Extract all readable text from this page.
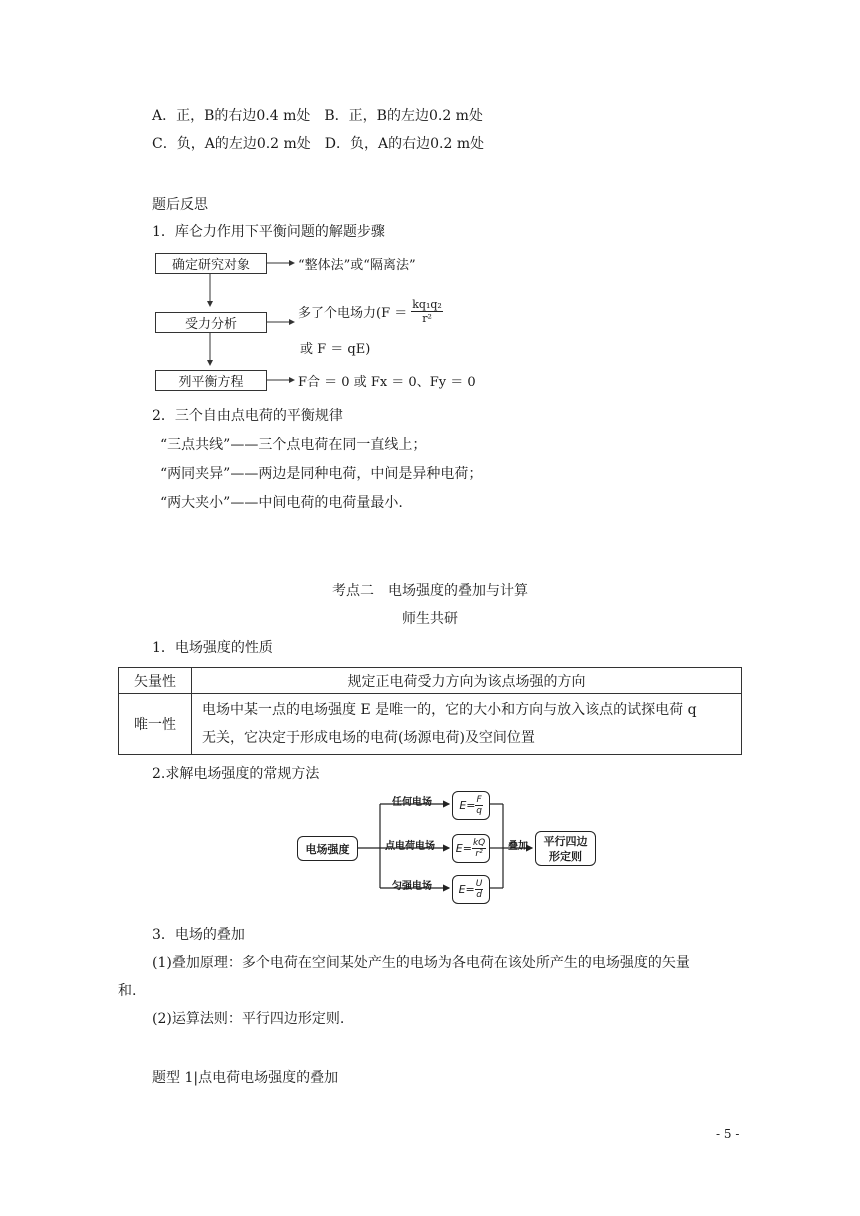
A．正，B的右边0.4 m处　B．正，B的左边0.2 m处
C．负，A的左边0.2 m处　D．负，A的右边0.2 m处
题后反思
1．库仑力作用下平衡问题的解题步骤
确定研究对象	“整体法”或“隔离法”
受力分析
多了个电场力($F = \frac{\text{kq₁q₂}}{\text{r²}}$
或 F ＝ qE)
列平衡方程	F合 ＝ 0 或 Fx ＝ 0、Fy ＝ 0
2．三个自由点电荷的平衡规律
“三点共线”——三个点电荷在同一直线上；
“两同夹异”——两边是同种电荷，中间是异种电荷；
“两大夹小”——中间电荷的电荷量最小.
考点二　电场强度的叠加与计算
师生共研
1．电场强度的性质
矢量性	规定正电荷受力方向为该点场强的方向
唯一性	电场中某一点的电场强度 E 是唯一的，它的大小和方向与放入该点的试探电荷 q
无关，它决定于形成电场的电荷(场源电荷)及空间位置
2.求解电场强度的常规方法
电场强度
任何电场
点电荷电场
匀强电场
$E= \frac{F}{q}$
$E= \frac{kQ}{\text{r²}}$
$E= \frac{U}{d}$
叠加	平行四边形定则
3．电场的叠加
(1)叠加原理：多个电荷在空间某处产生的电场为各电荷在该处所产生的电场强度的矢量
和.
(2)运算法则：平行四边形定则.
题型 1|点电荷电场强度的叠加
- 5 -
